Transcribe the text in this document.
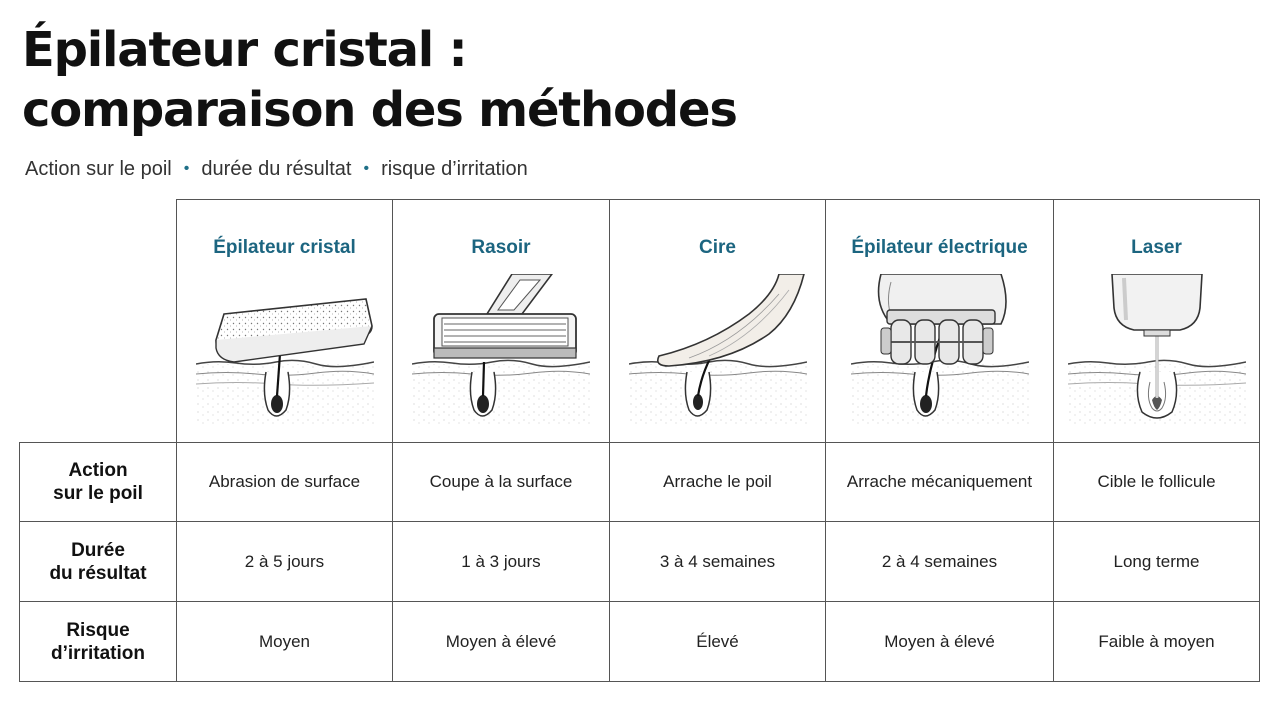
Épilateur cristal :
comparaison des méthodes
Action sur le poil • durée du résultat • risque d’irritation

	Épilateur cristal	Rasoir	Cire	Épilateur électrique	Laser

Action
sur le poil	Abrasion de surface	Coupe à la surface	Arrache le poil	Arrache mécaniquement	Cible le follicule

Durée
du résultat	2 à 5 jours	1 à 3 jours	3 à 4 semaines	2 à 4 semaines	Long terme

Risque
d’irritation	Moyen	Moyen à élevé	Élevé	Moyen à élevé	Faible à moyen
